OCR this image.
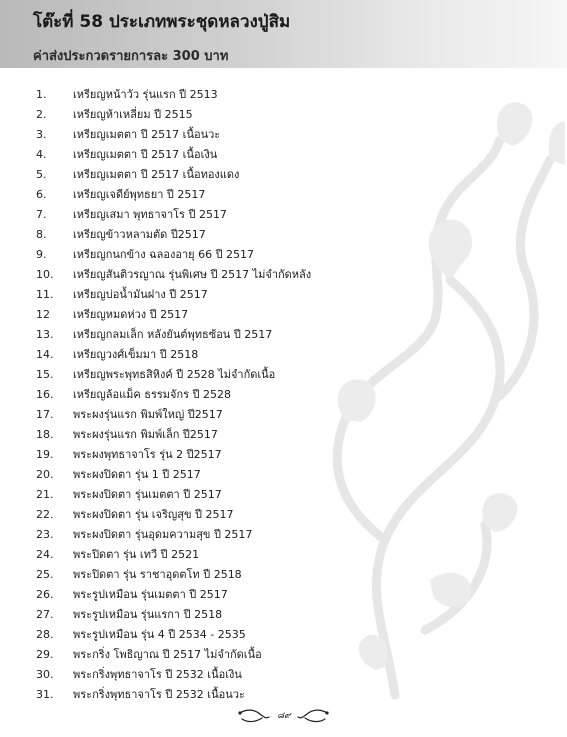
โต๊ะที่ 58 ประเภทพระชุดหลวงปู่สิม

ค่าส่งประกวดรายการละ 300 บาท

1.	เหรียญหน้าวัว รุ่นแรก ปี 2513
2.	เหรียญห้าเหลี่ยม ปี 2515
3.	เหรียญเมตตา ปี 2517 เนื้อนวะ
4.	เหรียญเมตตา ปี 2517 เนื้อเงิน
5.	เหรียญเมตตา ปี 2517 เนื้อทองแดง
6.	เหรียญเจดีย์พุทธยา ปี 2517
7.	เหรียญเสมา พุทธาจาโร ปี 2517
8.	เหรียญข้าวหลามตัด ปี2517
9.	เหรียญกนกข้าง ฉลองอายุ 66 ปี 2517
10.	เหรียญสันติวรญาณ รุ่นพิเศษ ปี 2517 ไม่จำกัดหลัง
11.	เหรียญบ่อน้ำมันฝาง ปี 2517
12	เหรียญหมดห่วง ปี 2517
13.	เหรียญกลมเล็ก หลังยันต์พุทธซ้อน ปี 2517
14.	เหรียญวงศ์เข็มมา ปี 2518
15.	เหรียญพระพุทธสิหิงค์ ปี 2528 ไม่จำกัดเนื้อ
16.	เหรียญล้อแม็ค ธรรมจักร ปี 2528
17.	พระผงรุ่นแรก พิมพ์ใหญ่ ปี2517
18.	พระผงรุ่นแรก พิมพ์เล็ก ปี2517
19.	พระผงพุทธาจาโร รุ่น 2 ปี2517
20.	พระผงปิดตา รุ่น 1 ปี 2517
21.	พระผงปิดตา รุ่นเมตตา ปี 2517
22.	พระผงปิดตา รุ่น เจริญสุข ปี 2517
23.	พระผงปิดตา รุ่นอุดมความสุข ปี 2517
24.	พระปิดตา รุ่น เทวี ปี 2521
25.	พระปิดตา รุ่น ราชาอุดตโท ปี 2518
26.	พระรูปเหมือน รุ่นเมตตา ปี 2517
27.	พระรูปเหมือน รุ่นแรกา ปี 2518
28.	พระรูปเหมือน รุ่น 4 ปี 2534 - 2535
29.	พระกริ่ง โพธิญาณ ปี 2517 ไม่จำกัดเนื้อ
30.	พระกริ่งพุทธาจาโร ปี 2532 เนื้อเงิน
31.	พระกริ่งพุทธาจาโร ปี 2532 เนื้อนวะ
๘๙
